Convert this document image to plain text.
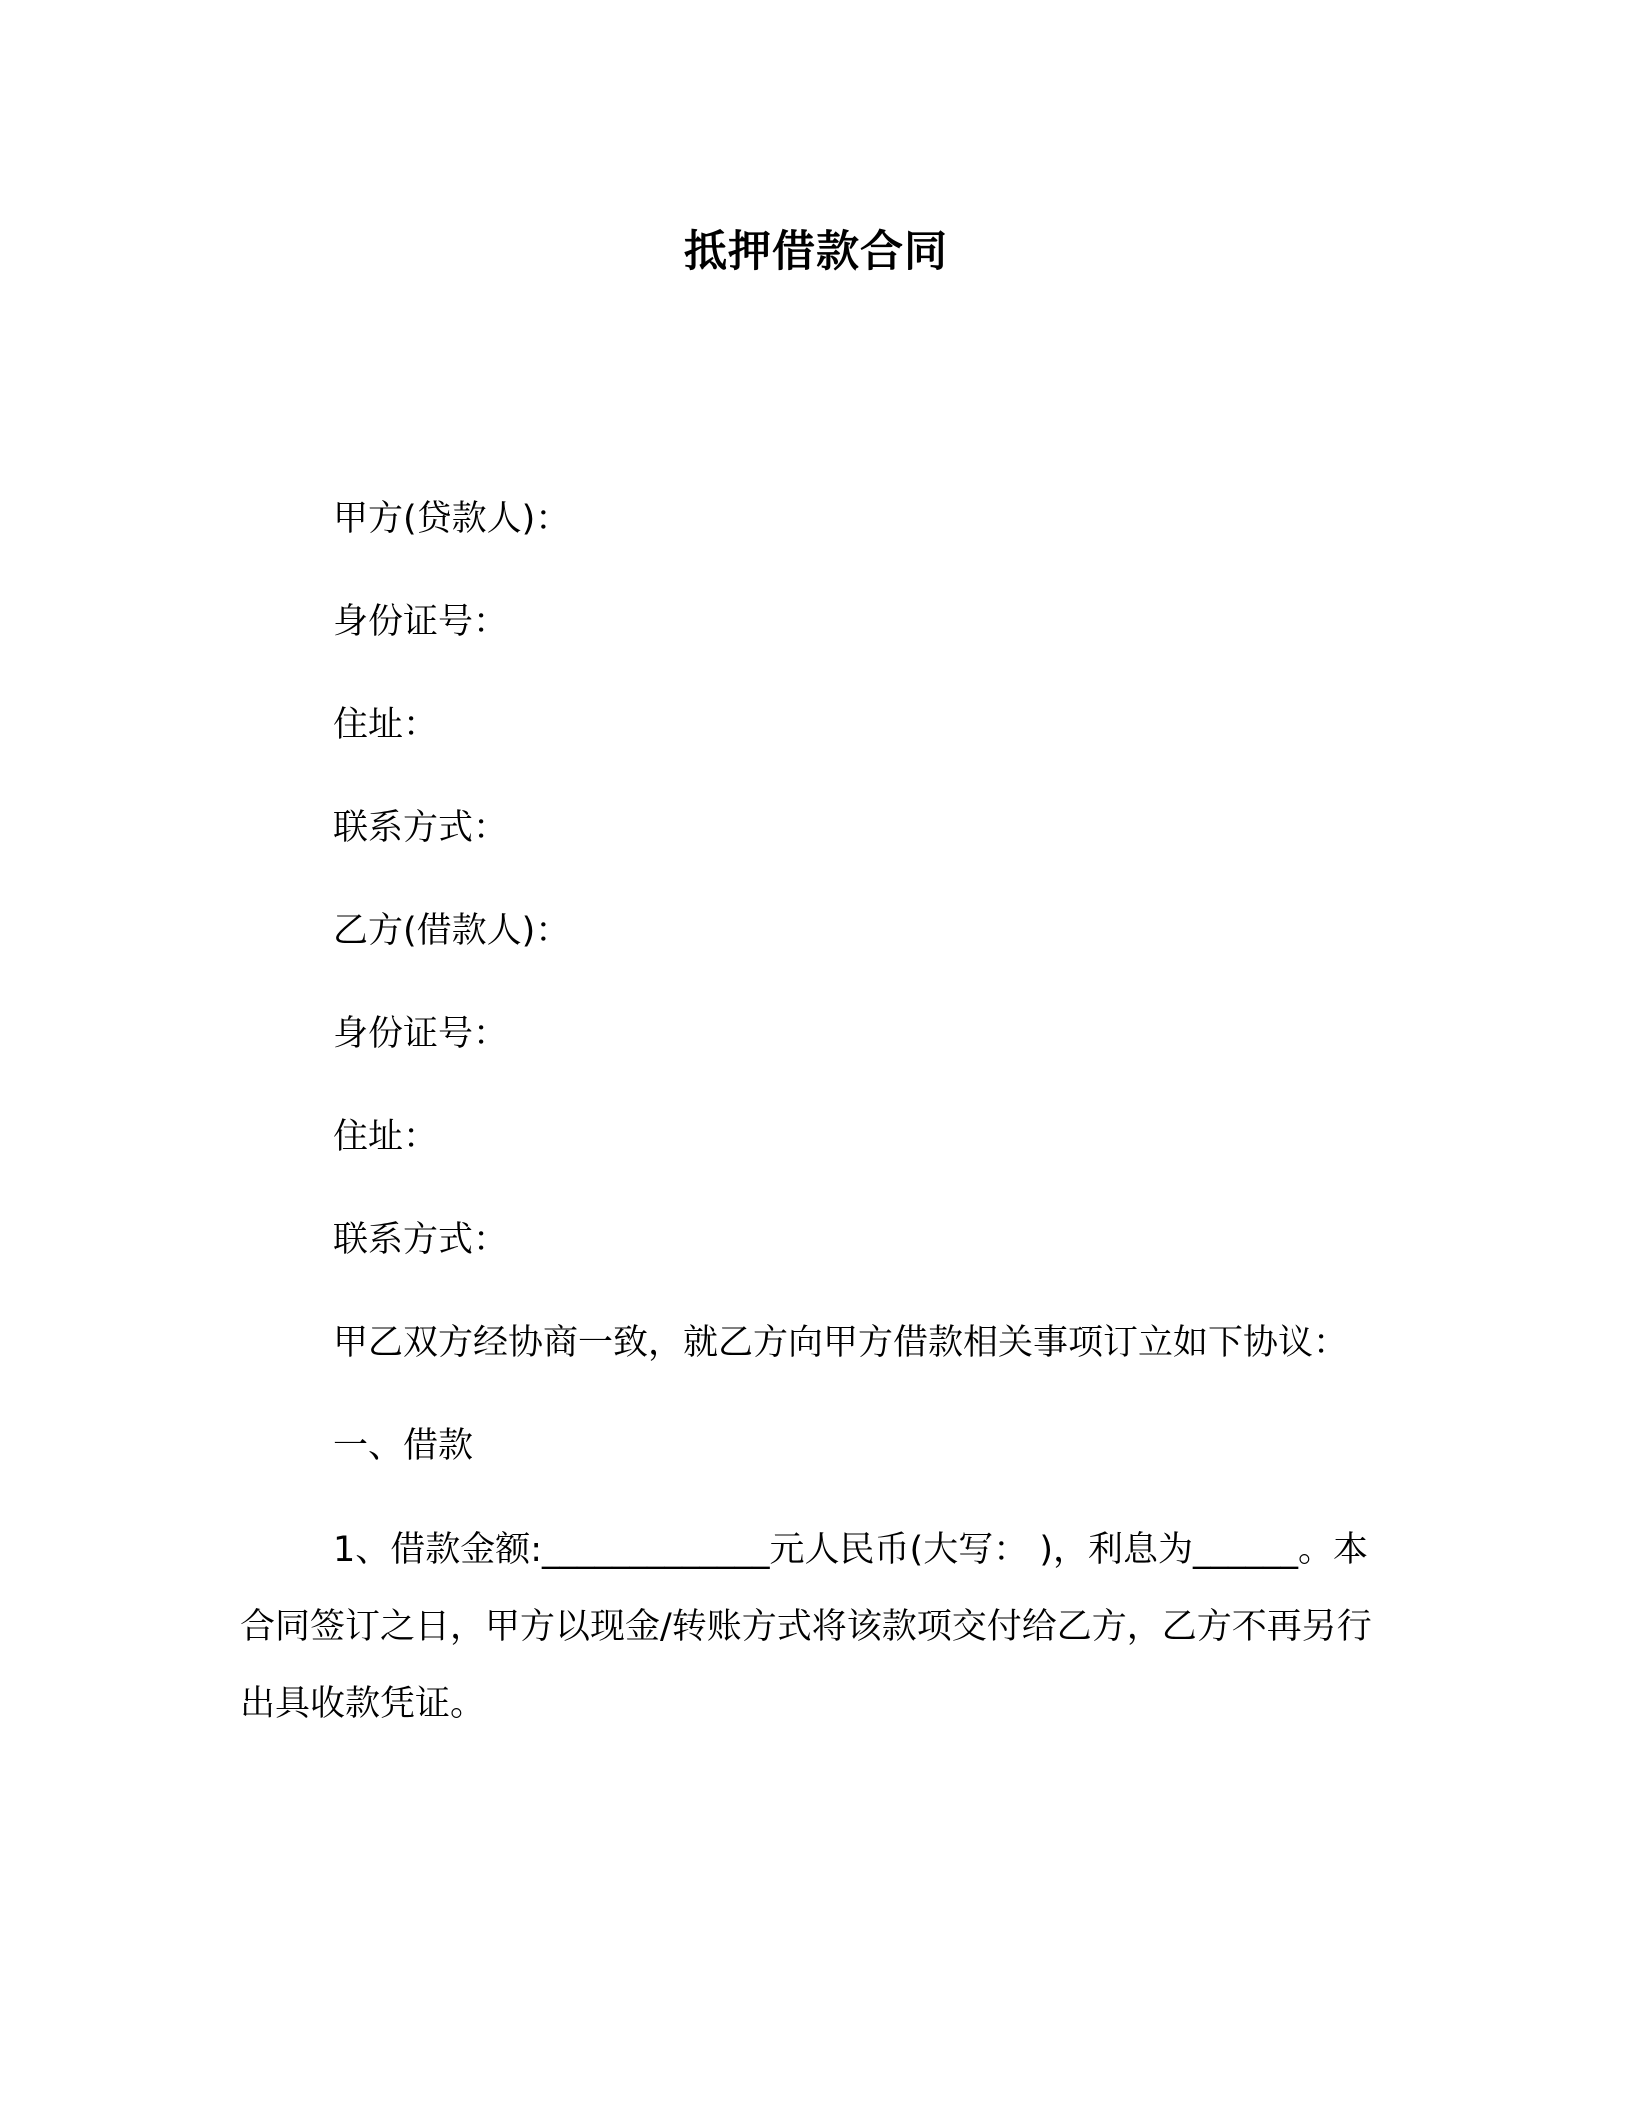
抵押借款合同
甲方(贷款人)：
身份证号：
住址：
联系方式：
乙方(借款人)：
身份证号：
住址：
联系方式：
甲乙双方经协商一致，就乙方向甲方借款相关事项订立如下协议：
一、借款
1、借款金额:_____________元人民币(大写： )，利息为______。本合同签订之日，甲方以现金/转账方式将该款项交付给乙方，乙方不再另行出具收款凭证。
